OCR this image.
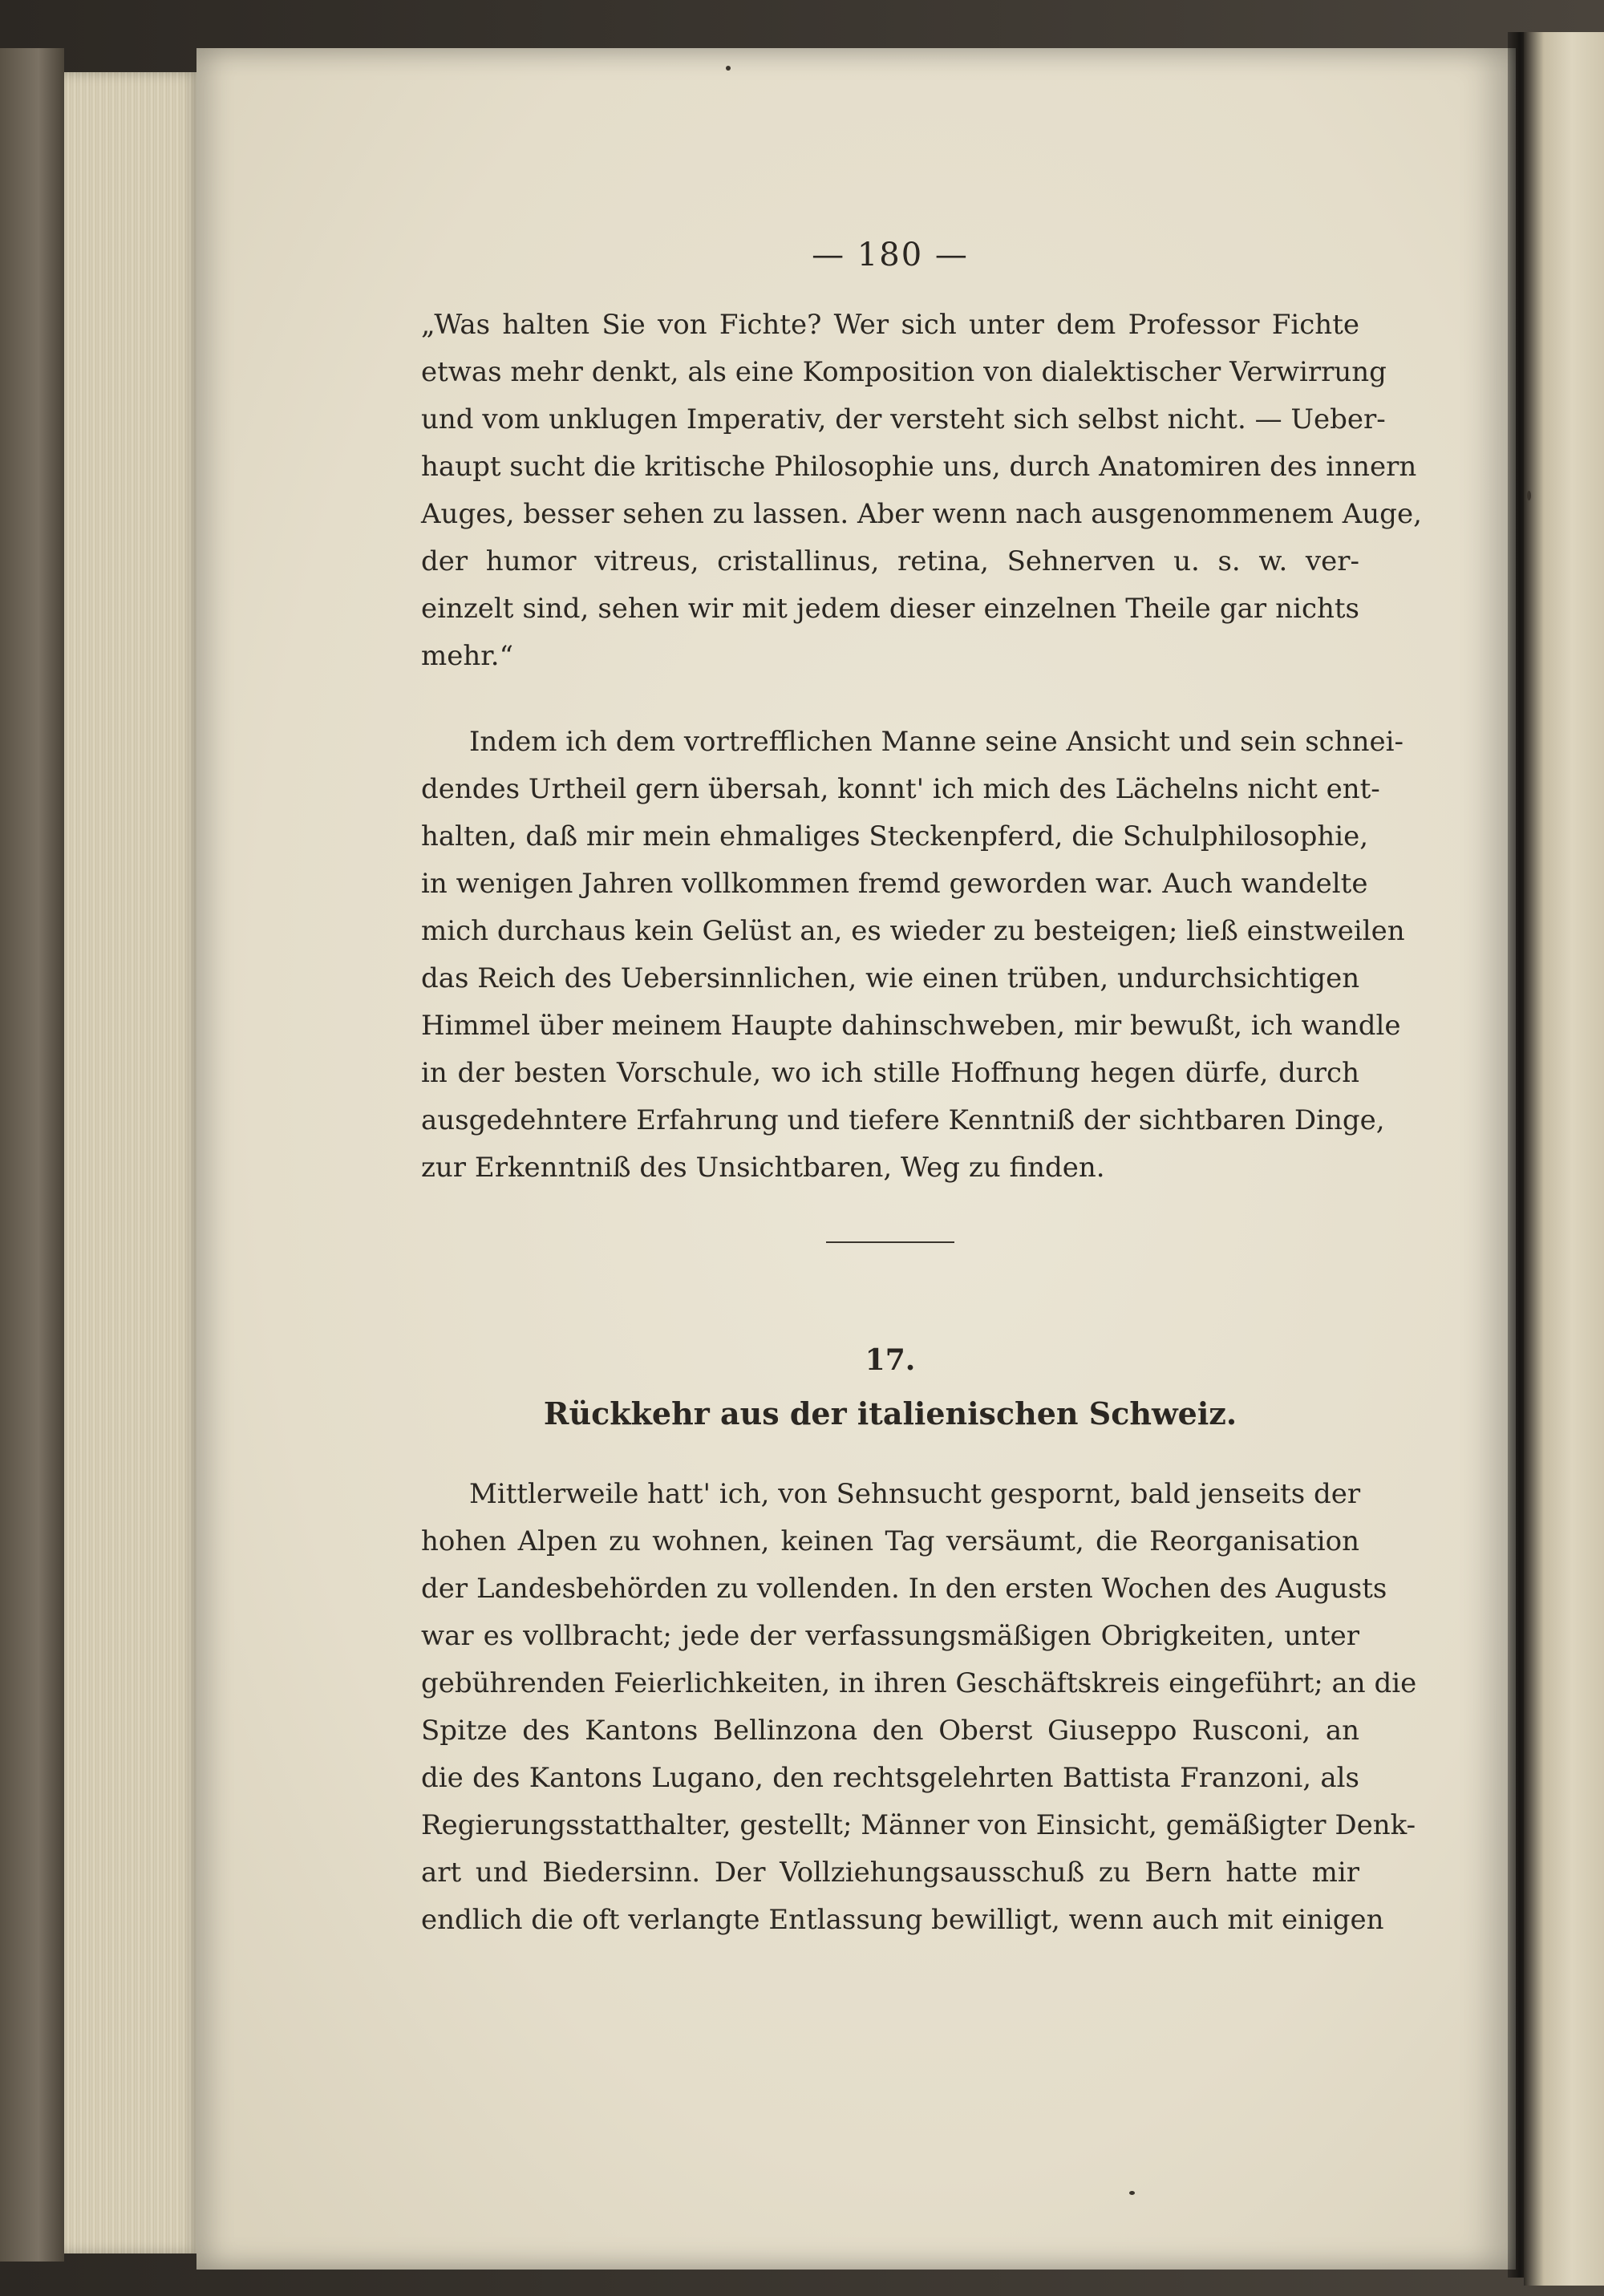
— 180 —
„Was halten Sie von Fichte? Wer sich unter dem Professor Fichte
etwas mehr denkt, als eine Komposition von dialektischer Verwirrung
und vom unklugen Imperativ, der versteht sich selbst nicht. — Ueber-
haupt sucht die kritische Philosophie uns, durch Anatomiren des innern
Auges, besser sehen zu lassen. Aber wenn nach ausgenommenem Auge,
der humor vitreus, cristallinus, retina, Sehnerven u. s. w. ver-
einzelt sind, sehen wir mit jedem dieser einzelnen Theile gar nichts
mehr.“
Indem ich dem vortrefflichen Manne seine Ansicht und sein schnei-
dendes Urtheil gern übersah, konnt' ich mich des Lächelns nicht ent-
halten, daß mir mein ehmaliges Steckenpferd, die Schulphilosophie,
in wenigen Jahren vollkommen fremd geworden war. Auch wandelte
mich durchaus kein Gelüst an, es wieder zu besteigen; ließ einstweilen
das Reich des Uebersinnlichen, wie einen trüben, undurchsichtigen
Himmel über meinem Haupte dahinschweben, mir bewußt, ich wandle
in der besten Vorschule, wo ich stille Hoffnung hegen dürfe, durch
ausgedehntere Erfahrung und tiefere Kenntniß der sichtbaren Dinge,
zur Erkenntniß des Unsichtbaren, Weg zu finden.
17.
Rückkehr aus der italienischen Schweiz.
Mittlerweile hatt' ich, von Sehnsucht gespornt, bald jenseits der
hohen Alpen zu wohnen, keinen Tag versäumt, die Reorganisation
der Landesbehörden zu vollenden. In den ersten Wochen des Augusts
war es vollbracht; jede der verfassungsmäßigen Obrigkeiten, unter
gebührenden Feierlichkeiten, in ihren Geschäftskreis eingeführt; an die
Spitze des Kantons Bellinzona den Oberst Giuseppo Rusconi, an
die des Kantons Lugano, den rechtsgelehrten Battista Franzoni, als
Regierungsstatthalter, gestellt; Männer von Einsicht, gemäßigter Denk-
art und Biedersinn. Der Vollziehungsausschuß zu Bern hatte mir
endlich die oft verlangte Entlassung bewilligt, wenn auch mit einigen
